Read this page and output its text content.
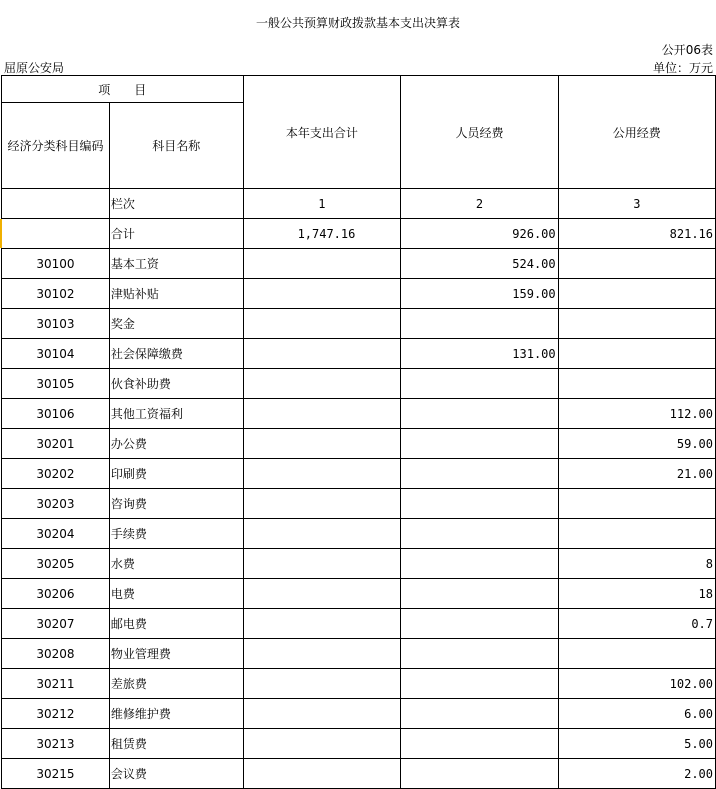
一般公共预算财政拨款基本支出决算表
公开06表
屈原公安局	单位：万元
项　　目		本年支出合计	人员经费	公用经费
经济分类科目编码	科目名称			
	栏次	1	2	3
	合计	1,747.16	926.00	821.16
30100	基本工资		524.00	
30102	津贴补贴		159.00	
30103	奖金			
30104	社会保障缴费		131.00	
30105	伙食补助费			
30106	其他工资福利			112.00
30201	办公费			59.00
30202	印刷费			21.00
30203	咨询费			
30204	手续费			
30205	水费			8
30206	电费			18
30207	邮电费			0.7
30208	物业管理费			
30211	差旅费			102.00
30212	维修维护费			6.00
30213	租赁费			5.00
30215	会议费			2.00
